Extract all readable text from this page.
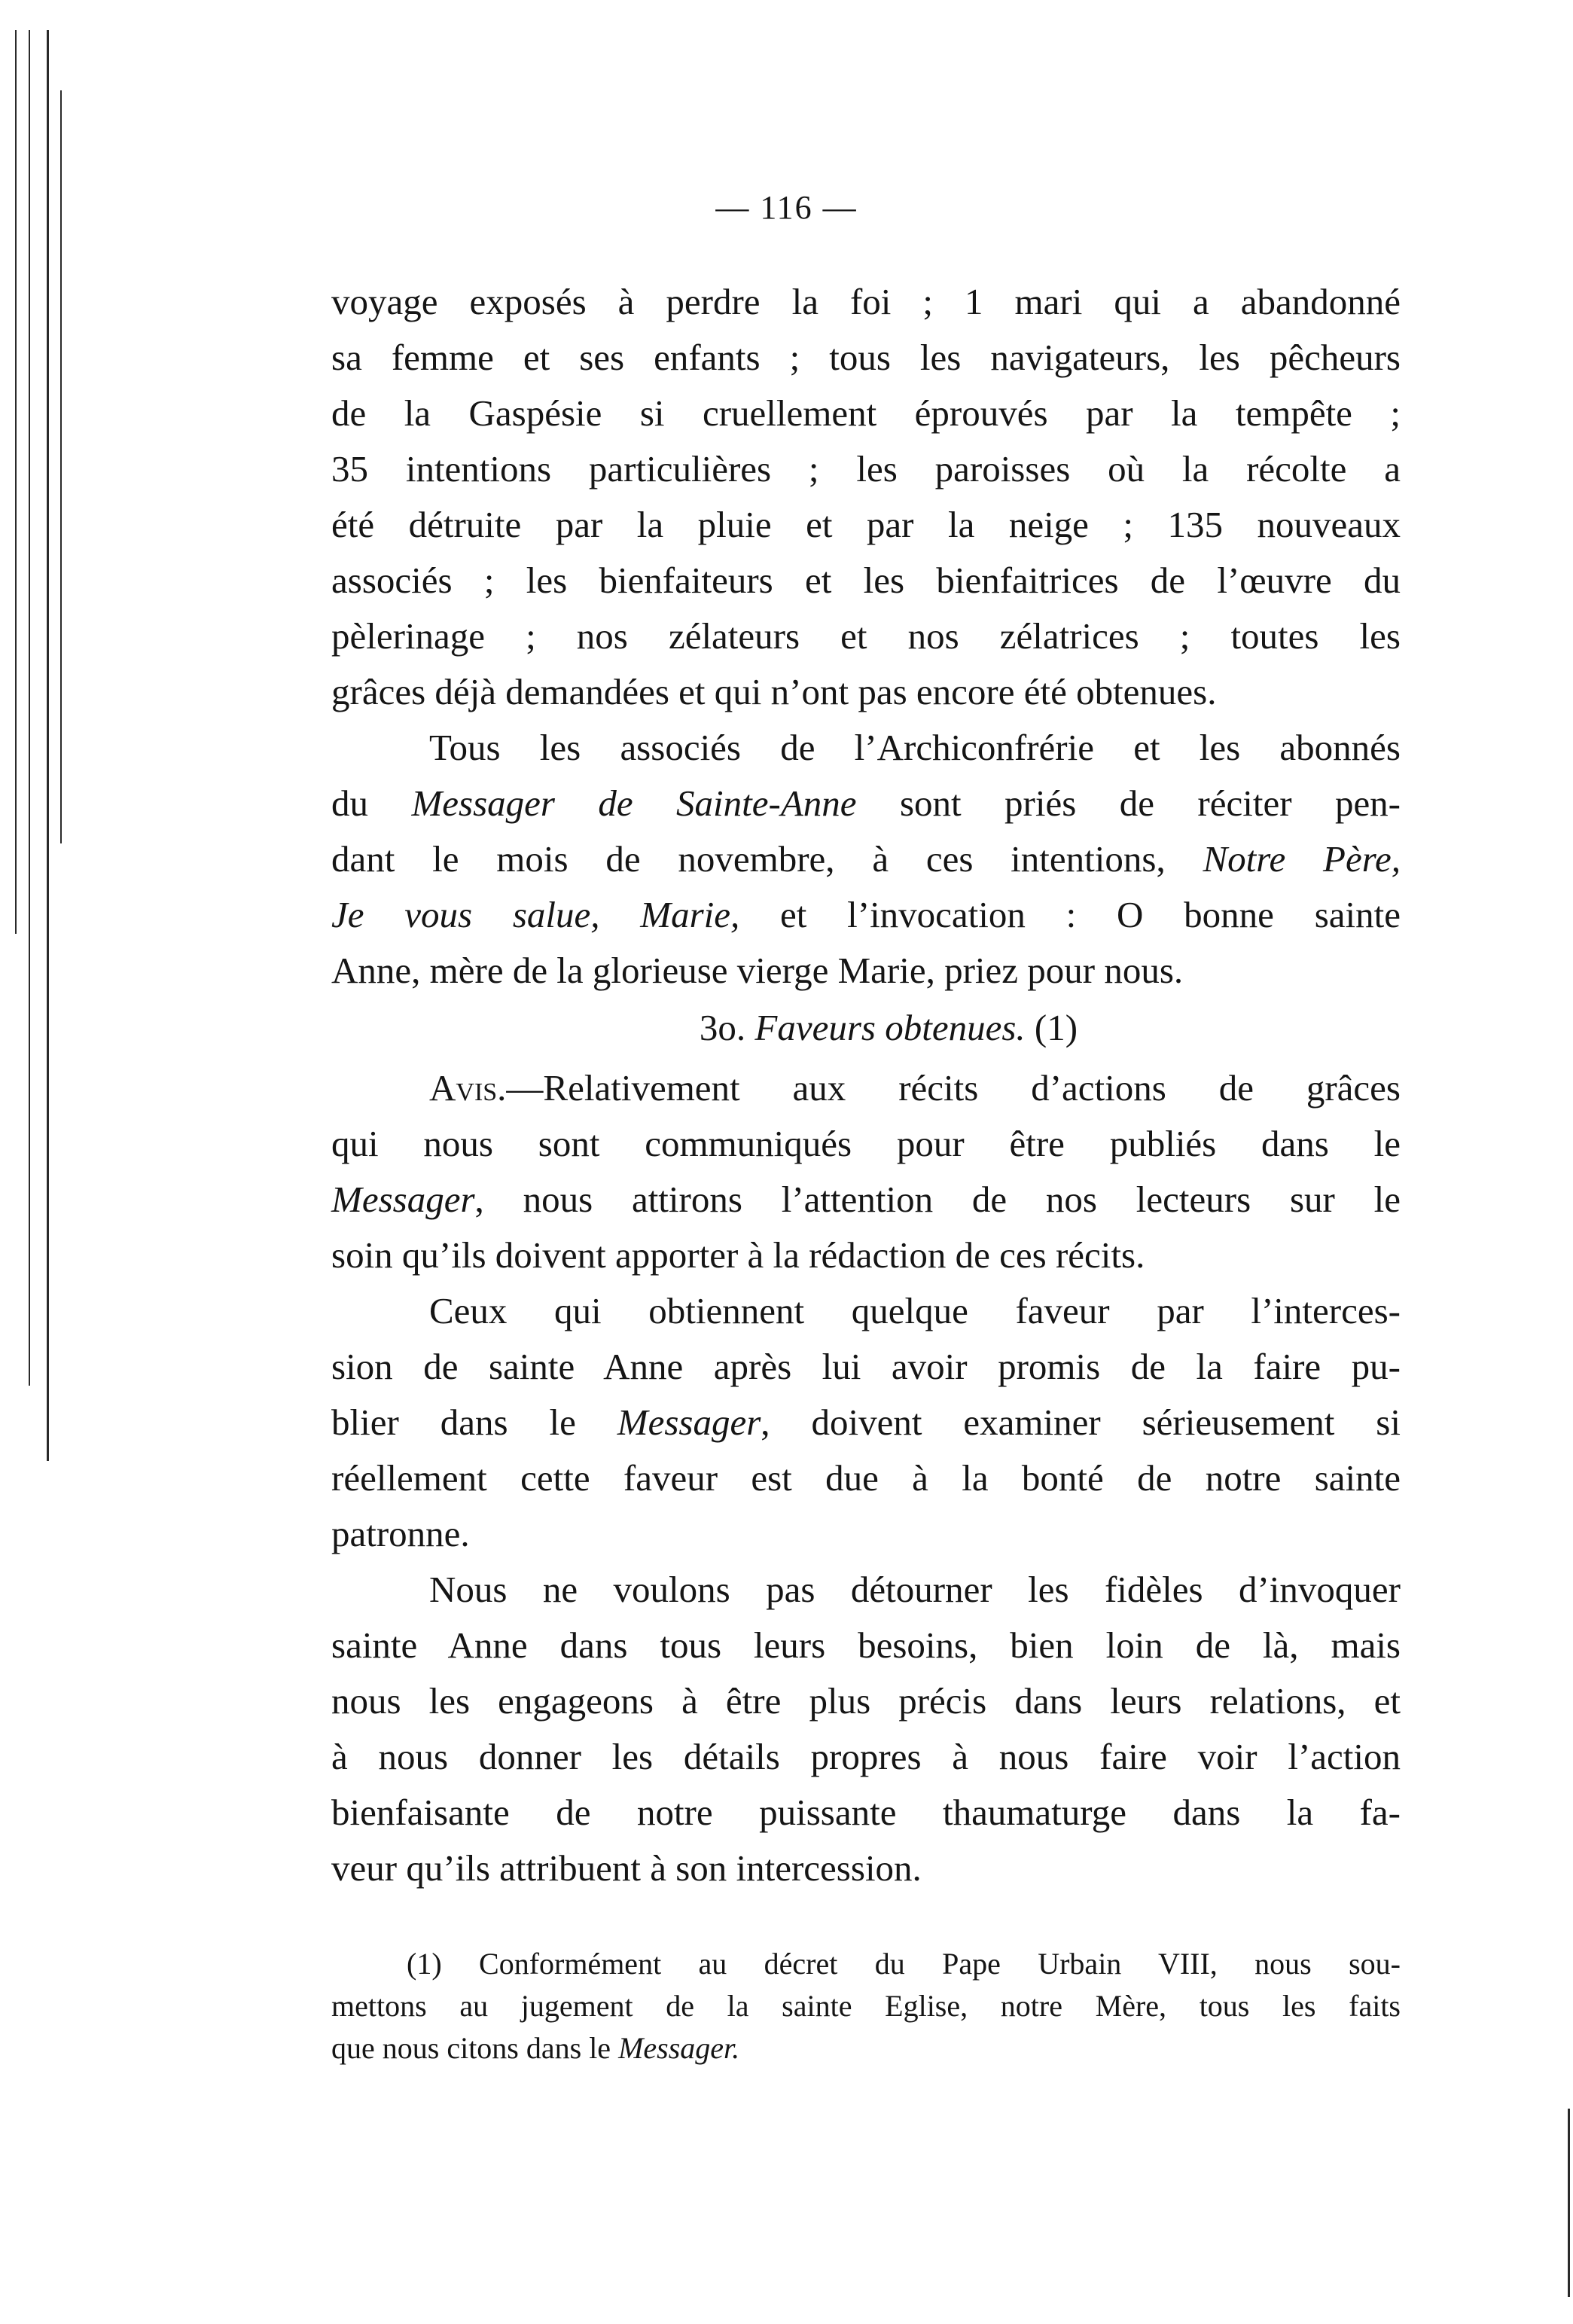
— 116 —

voyage exposés à perdre la foi ; 1 mari qui a abandonné
sa femme et ses enfants ; tous les navigateurs, les pêcheurs
de la Gaspésie si cruellement éprouvés par la tempête ;
35 intentions particulières ; les paroisses où la récolte a
été détruite par la pluie et par la neige ; 135 nouveaux
associés ; les bienfaiteurs et les bienfaitrices de l’œuvre du
pèlerinage ; nos zélateurs et nos zélatrices ; toutes les
grâces déjà demandées et qui n’ont pas encore été obtenues.

Tous les associés de l’Archiconfrérie et les abonnés
du Messager de Sainte-Anne sont priés de réciter pen-
dant le mois de novembre, à ces intentions, Notre Père,
Je vous salue, Marie, et l’invocation : O bonne sainte
Anne, mère de la glorieuse vierge Marie, priez pour nous.

3o. Faveurs obtenues. (1)

Avis.—Relativement aux récits d’actions de grâces
qui nous sont communiqués pour être publiés dans le
Messager, nous attirons l’attention de nos lecteurs sur le
soin qu’ils doivent apporter à la rédaction de ces récits.

Ceux qui obtiennent quelque faveur par l’interces-
sion de sainte Anne après lui avoir promis de la faire pu-
blier dans le Messager, doivent examiner sérieusement si
réellement cette faveur est due à la bonté de notre sainte
patronne.

Nous ne voulons pas détourner les fidèles d’invoquer
sainte Anne dans tous leurs besoins, bien loin de là, mais
nous les engageons à être plus précis dans leurs relations, et
à nous donner les détails propres à nous faire voir l’action
bienfaisante de notre puissante thaumaturge dans la fa-
veur qu’ils attribuent à son intercession.

(1) Conformément au décret du Pape Urbain VIII, nous sou-
mettons au jugement de la sainte Eglise, notre Mère, tous les faits
que nous citons dans le Messager.
